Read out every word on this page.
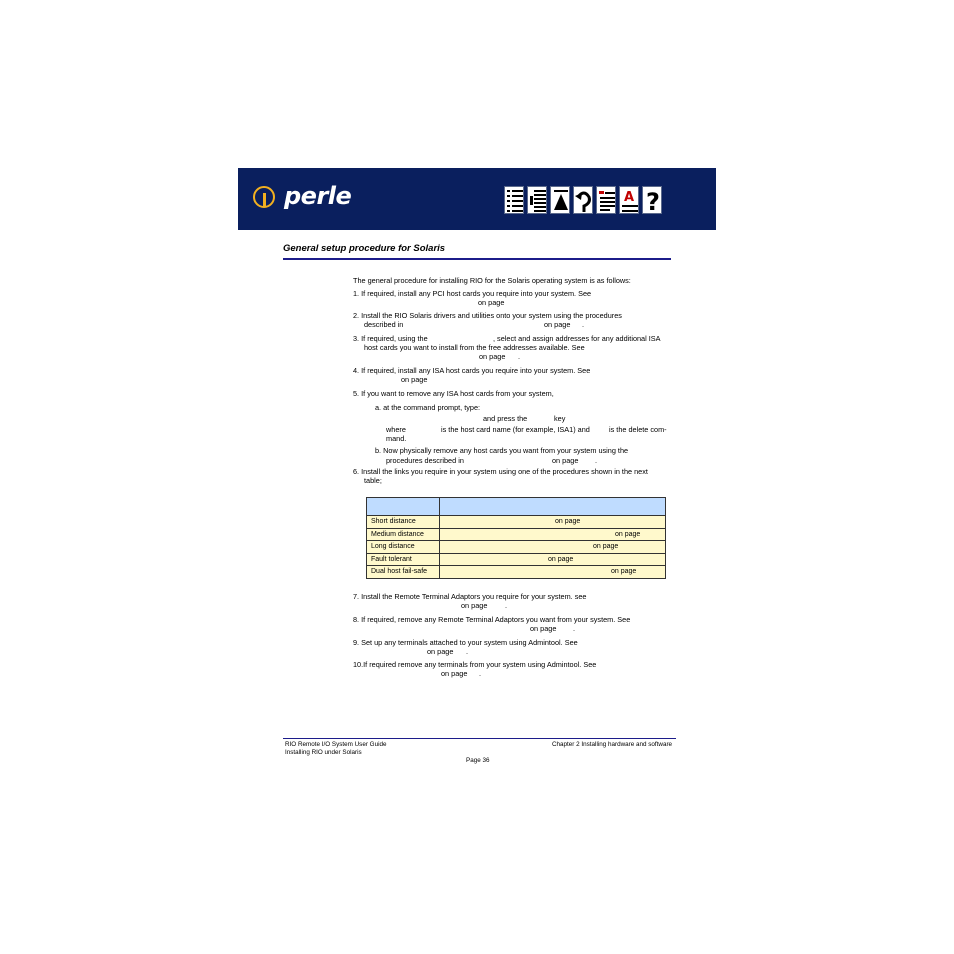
perle	A ?
General setup procedure for Solaris
The general procedure for installing RIO for the Solaris operating system is as follows:
1. If required, install any PCI host cards you require into your system. See
on page
2. Install the RIO Solaris drivers and utilities onto your system using the procedures
described in	on page .
3. If required, using the	, select and assign addresses for any additional ISA
host cards you want to install from the free addresses available. See
on page .
4. If required, install any ISA host cards you require into your system. See
on page
5. If you want to remove any ISA host cards from your system,
a. at the command prompt, type:
and press the	key
where	is the host card name (for example, ISA1) and	is the delete com-
mand.
b. Now physically remove any host cards you want from your system using the
procedures described in	on page .
6. Install the links you require in your system using one of the procedures shown in the next
table;
7. Install the Remote Terminal Adaptors you require for your system. see
on page .
8. If required, remove any Remote Terminal Adaptors you want from your system. See
on page .
9. Set up any terminals attached to your system using Admintool. See
on page .
10.If required remove any terminals from your system using Admintool. See
on page .

Short distance	on page
Medium distance	on page
Long distance	on page
Fault tolerant	on page
Dual host fail-safe	on page
RIO Remote I/O System User Guide
Installing RIO under Solaris
Chapter 2 Installing hardware and software
Page 36
